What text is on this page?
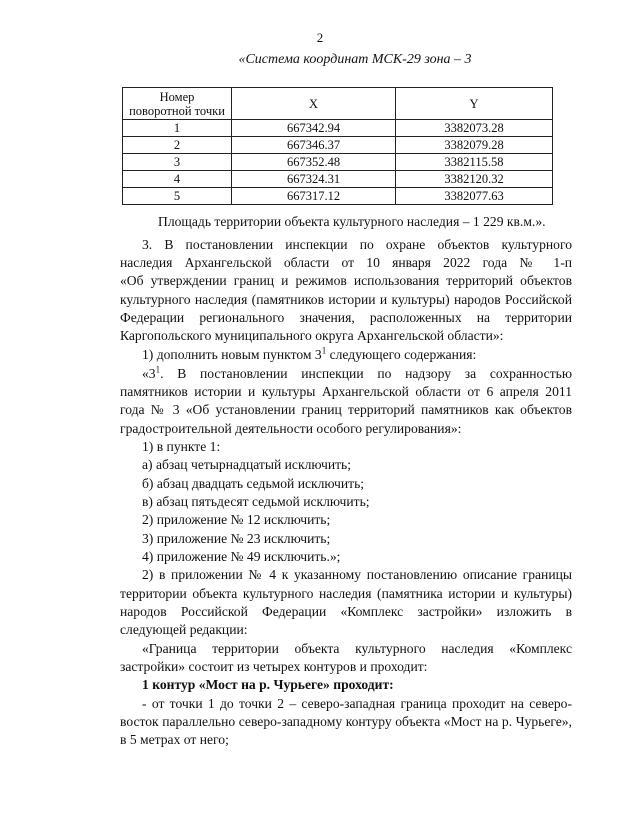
2
«Система координат МСК-29 зона – 3
Номер поворотной точки	X	Y
1	667342.94	3382073.28
2	667346.37	3382079.28
3	667352.48	3382115.58
4	667324.31	3382120.32
5	667317.12	3382077.63
Площадь территории объекта культурного наследия – 1 229 кв.м.».
3. В постановлении инспекции по охране объектов культурного
наследия Архангельской области от 10 января 2022 года № 1-п
«Об утверждении границ и режимов использования территорий объектов
культурного наследия (памятников истории и культуры) народов Российской
Федерации регионального значения, расположенных на территории
Каргопольского муниципального округа Архангельской области»:
1) дополнить новым пунктом $3^1$ следующего содержания:
«$3^1$. В постановлении инспекции по надзору за сохранностью
памятников истории и культуры Архангельской области от 6 апреля 2011
года № 3 «Об установлении границ территорий памятников как объектов
градостроительной деятельности особого регулирования»:
1) в пункте 1:
а) абзац четырнадцатый исключить;
б) абзац двадцать седьмой исключить;
в) абзац пятьдесят седьмой исключить;
2) приложение № 12 исключить;
3) приложение № 23 исключить;
4) приложение № 49 исключить.»;
2) в приложении № 4 к указанному постановлению описание границы
территории объекта культурного наследия (памятника истории и культуры)
народов Российской Федерации «Комплекс застройки» изложить в
следующей редакции:
«Граница территории объекта культурного наследия «Комплекс
застройки» состоит из четырех контуров и проходит:
1 контур «Мост на р. Чурьеге» проходит:
- от точки 1 до точки 2 – северо-западная граница проходит на северо-
восток параллельно северо-западному контуру объекта «Мост на р. Чурьеге»,
в 5 метрах от него;
